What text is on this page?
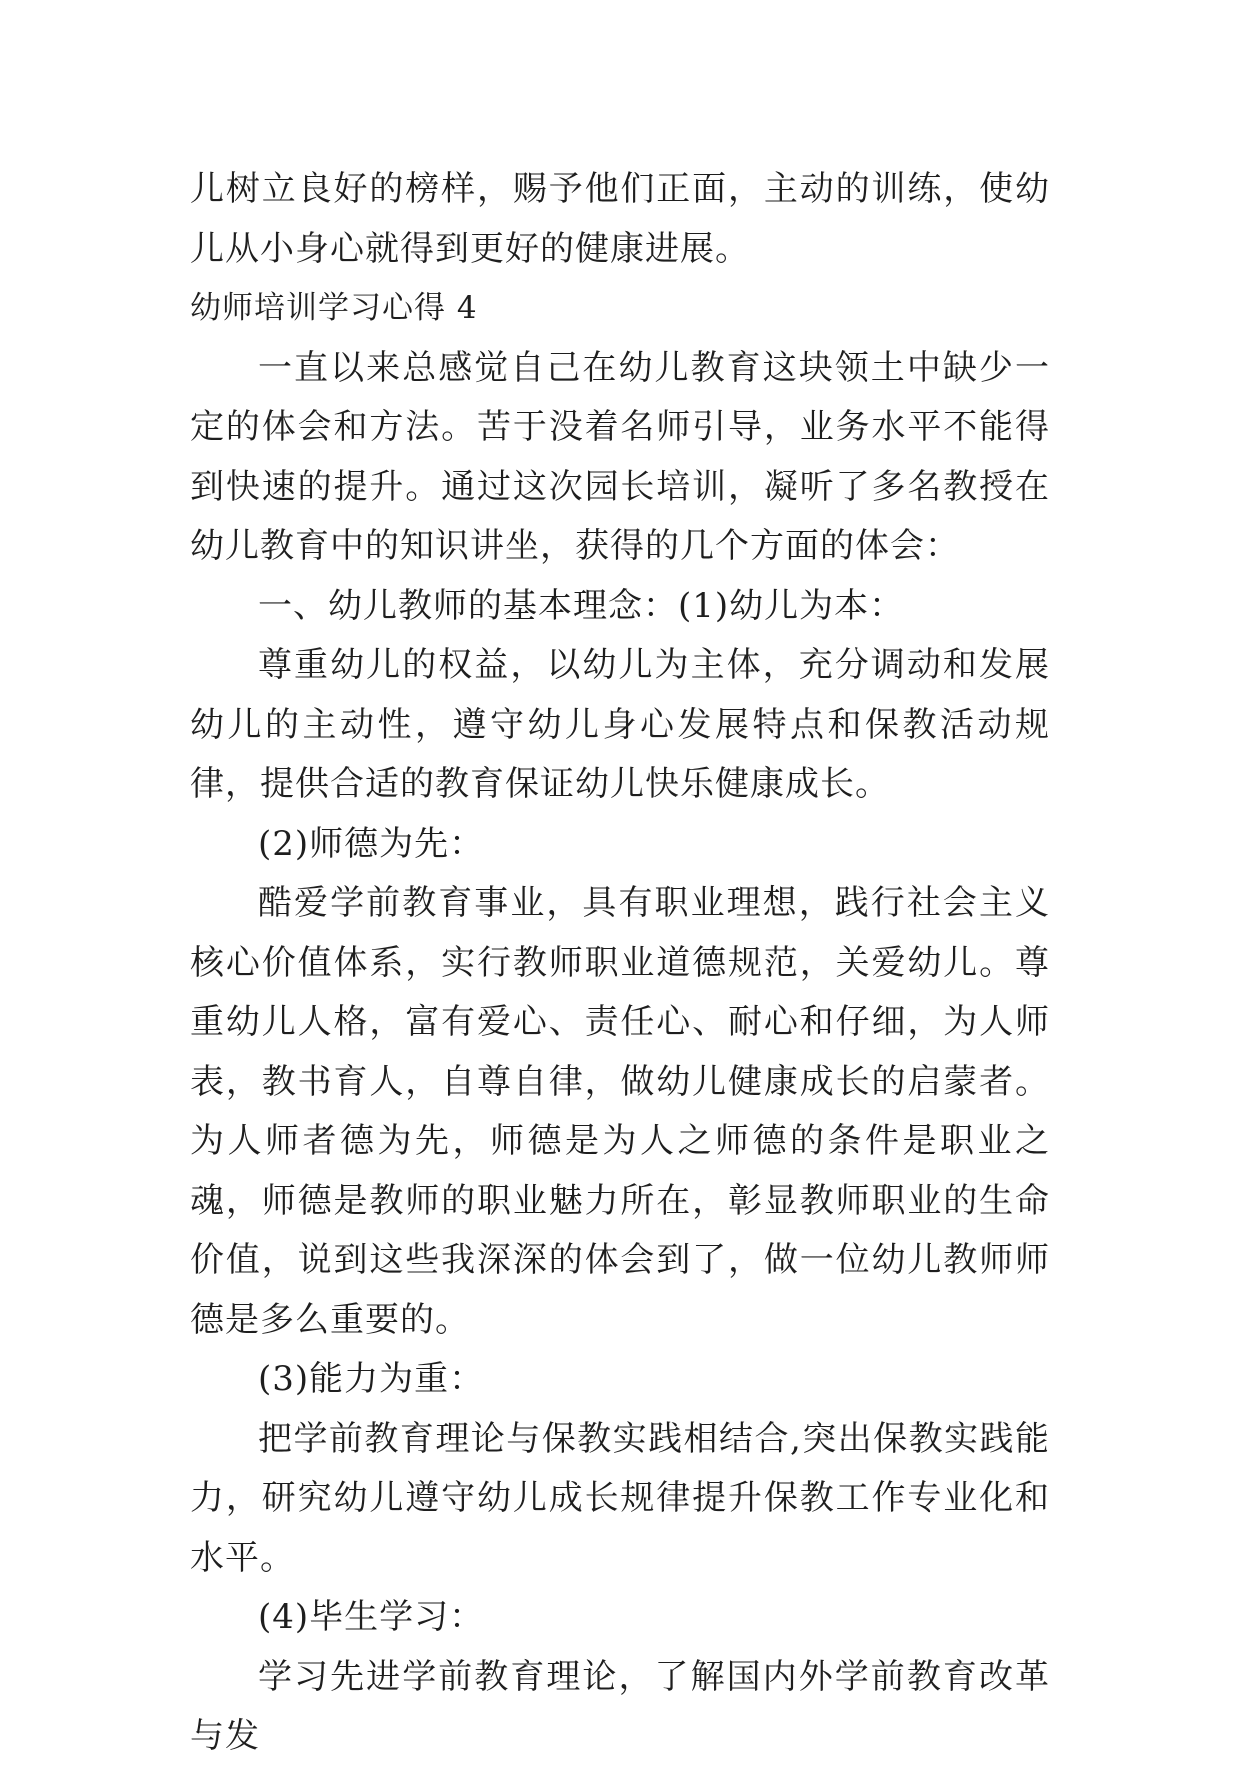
儿树立良好的榜样，赐予他们正面，主动的训练，使幼儿从小身心就得到更好的健康进展。

幼师培训学习心得 4

一直以来总感觉自己在幼儿教育这块领土中缺少一定的体会和方法。苦于没着名师引导，业务水平不能得到快速的提升。通过这次园长培训，凝听了多名教授在幼儿教育中的知识讲坐，获得的几个方面的体会：

一、幼儿教师的基本理念：(1)幼儿为本：

尊重幼儿的权益，以幼儿为主体，充分调动和发展幼儿的主动性，遵守幼儿身心发展特点和保教活动规律，提供合适的教育保证幼儿快乐健康成长。

(2)师德为先：

酷爱学前教育事业，具有职业理想，践行社会主义核心价值体系，实行教师职业道德规范，关爱幼儿。尊重幼儿人格，富有爱心、责任心、耐心和仔细，为人师表，教书育人，自尊自律，做幼儿健康成长的启蒙者。为人师者德为先，师德是为人之师德的条件是职业之魂，师德是教师的职业魅力所在，彰显教师职业的生命价值，说到这些我深深的体会到了，做一位幼儿教师师德是多么重要的。

(3)能力为重：

把学前教育理论与保教实践相结合,突出保教实践能力，研究幼儿遵守幼儿成长规律提升保教工作专业化和水平。

(4)毕生学习：

学习先进学前教育理论，了解国内外学前教育改革与发
